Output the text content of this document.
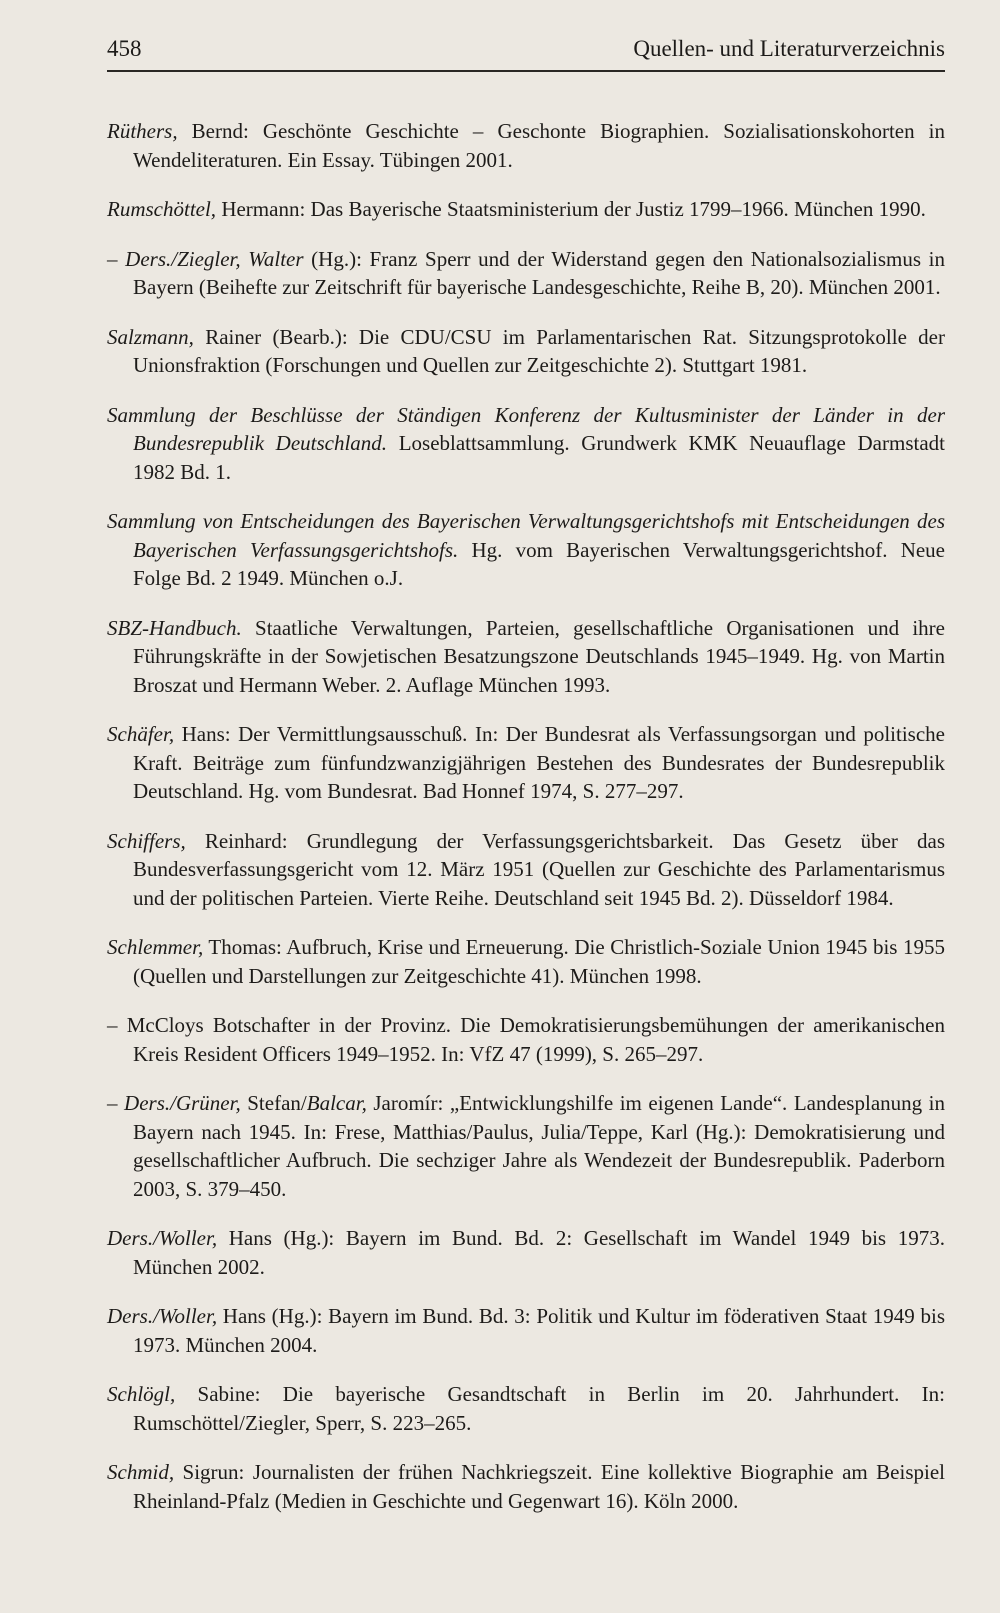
458	Quellen- und Literaturverzeichnis

Rüthers, Bernd: Geschönte Geschichte – Geschonte Biographien. Sozialisationskohorten in Wendeliteraturen. Ein Essay. Tübingen 2001.

Rumschöttel, Hermann: Das Bayerische Staatsministerium der Justiz 1799–1966. München 1990.

– Ders./Ziegler, Walter (Hg.): Franz Sperr und der Widerstand gegen den Nationalsozialismus in Bayern (Beihefte zur Zeitschrift für bayerische Landesgeschichte, Reihe B, 20). München 2001.

Salzmann, Rainer (Bearb.): Die CDU/CSU im Parlamentarischen Rat. Sitzungsprotokolle der Unionsfraktion (Forschungen und Quellen zur Zeitgeschichte 2). Stuttgart 1981.

Sammlung der Beschlüsse der Ständigen Konferenz der Kultusminister der Länder in der Bundesrepublik Deutschland. Loseblattsammlung. Grundwerk KMK Neuauflage Darmstadt 1982 Bd. 1.

Sammlung von Entscheidungen des Bayerischen Verwaltungsgerichtshofs mit Entscheidungen des Bayerischen Verfassungsgerichtshofs. Hg. vom Bayerischen Verwaltungsgerichtshof. Neue Folge Bd. 2 1949. München o.J.

SBZ-Handbuch. Staatliche Verwaltungen, Parteien, gesellschaftliche Organisationen und ihre Führungskräfte in der Sowjetischen Besatzungszone Deutschlands 1945–1949. Hg. von Martin Broszat und Hermann Weber. 2. Auflage München 1993.

Schäfer, Hans: Der Vermittlungsausschuß. In: Der Bundesrat als Verfassungsorgan und politische Kraft. Beiträge zum fünfundzwanzigjährigen Bestehen des Bundesrates der Bundesrepublik Deutschland. Hg. vom Bundesrat. Bad Honnef 1974, S. 277–297.

Schiffers, Reinhard: Grundlegung der Verfassungsgerichtsbarkeit. Das Gesetz über das Bundesverfassungsgericht vom 12. März 1951 (Quellen zur Geschichte des Parlamentarismus und der politischen Parteien. Vierte Reihe. Deutschland seit 1945 Bd. 2). Düsseldorf 1984.

Schlemmer, Thomas: Aufbruch, Krise und Erneuerung. Die Christlich-Soziale Union 1945 bis 1955 (Quellen und Darstellungen zur Zeitgeschichte 41). München 1998.

– McCloys Botschafter in der Provinz. Die Demokratisierungsbemühungen der amerikanischen Kreis Resident Officers 1949–1952. In: VfZ 47 (1999), S. 265–297.

– Ders./Grüner, Stefan/Balcar, Jaromír: „Entwicklungshilfe im eigenen Lande“. Landesplanung in Bayern nach 1945. In: Frese, Matthias/Paulus, Julia/Teppe, Karl (Hg.): Demokratisierung und gesellschaftlicher Aufbruch. Die sechziger Jahre als Wendezeit der Bundesrepublik. Paderborn 2003, S. 379–450.

Ders./Woller, Hans (Hg.): Bayern im Bund. Bd. 2: Gesellschaft im Wandel 1949 bis 1973. München 2002.

Ders./Woller, Hans (Hg.): Bayern im Bund. Bd. 3: Politik und Kultur im föderativen Staat 1949 bis 1973. München 2004.

Schlögl, Sabine: Die bayerische Gesandtschaft in Berlin im 20. Jahrhundert. In: Rumschöttel/Ziegler, Sperr, S. 223–265.

Schmid, Sigrun: Journalisten der frühen Nachkriegszeit. Eine kollektive Biographie am Beispiel Rheinland-Pfalz (Medien in Geschichte und Gegenwart 16). Köln 2000.
